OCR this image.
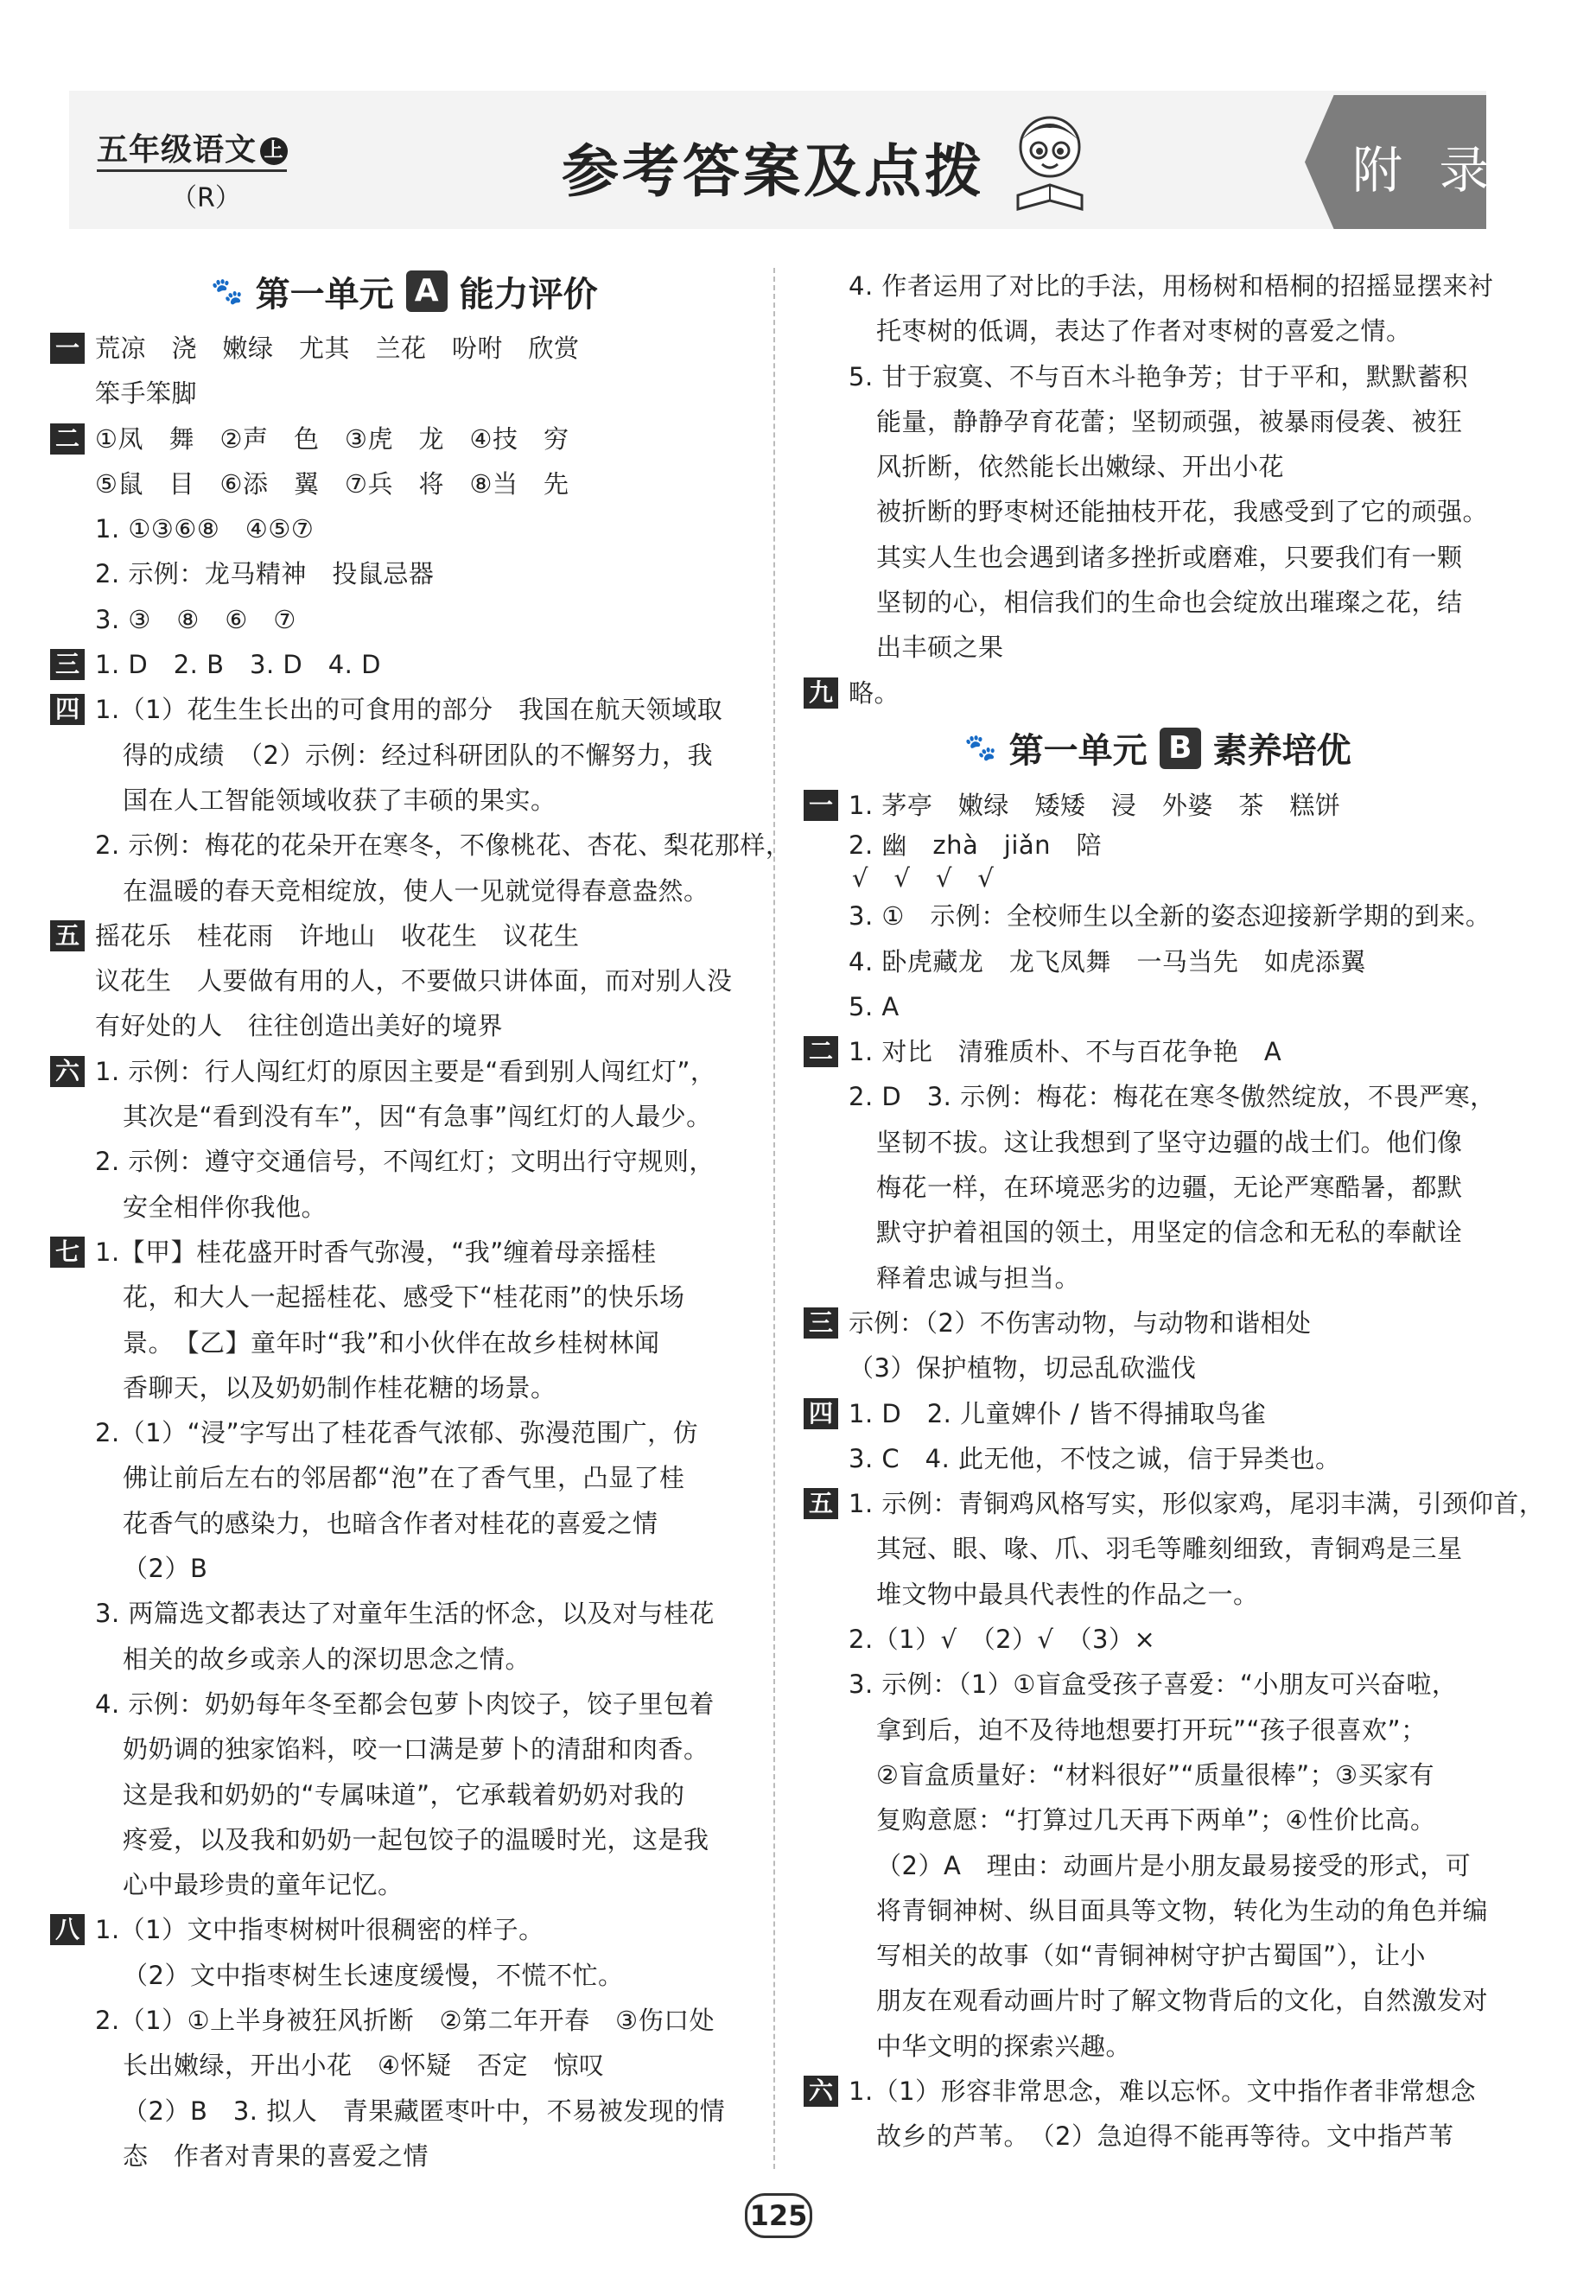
五年级语文 上
（R）	参考答案及点拨	附 录
🐾 第一单元 A 能力评价
一 荒凉　浇　嫩绿　尤其　兰花　吩咐　欣赏
笨手笨脚
二 ①凤　舞　②声　色　③虎　龙　④技　穷
⑤鼠　目　⑥添　翼　⑦兵　将　⑧当　先
1. ①③⑥⑧　④⑤⑦
2. 示例：龙马精神　投鼠忌器
3. ③　⑧　⑥　⑦
三 1. D　2. B　3. D　4. D
四 1.（1）花生生长出的可食用的部分　我国在航天领域取
得的成绩　（2）示例：经过科研团队的不懈努力，我
国在人工智能领域收获了丰硕的果实。
2. 示例：梅花的花朵开在寒冬，不像桃花、杏花、梨花那样，
在温暖的春天竞相绽放，使人一见就觉得春意盎然。
五 摇花乐　桂花雨　许地山　收花生　议花生
议花生　人要做有用的人，不要做只讲体面，而对别人没
有好处的人　往往创造出美好的境界
六 1. 示例：行人闯红灯的原因主要是“看到别人闯红灯”，
其次是“看到没有车”，因“有急事”闯红灯的人最少。
2. 示例：遵守交通信号，不闯红灯；文明出行守规则，
安全相伴你我他。
七 1.【甲】桂花盛开时香气弥漫，“我”缠着母亲摇桂
花，和大人一起摇桂花、感受下“桂花雨”的快乐场
景。　【乙】童年时“我”和小伙伴在故乡桂树林闻
香聊天，以及奶奶制作桂花糖的场景。
2.（1）“浸”字写出了桂花香气浓郁、弥漫范围广，仿
佛让前后左右的邻居都“泡”在了香气里，凸显了桂
花香气的感染力，也暗含作者对桂花的喜爱之情
（2）B
3. 两篇选文都表达了对童年生活的怀念，以及对与桂花
相关的故乡或亲人的深切思念之情。
4. 示例：奶奶每年冬至都会包萝卜肉饺子，饺子里包着
奶奶调的独家馅料，咬一口满是萝卜的清甜和肉香。
这是我和奶奶的“专属味道”，它承载着奶奶对我的
疼爱，以及我和奶奶一起包饺子的温暖时光，这是我
心中最珍贵的童年记忆。
八 1.（1）文中指枣树树叶很稠密的样子。
（2）文中指枣树生长速度缓慢，不慌不忙。
2.（1）①上半身被狂风折断　②第二年开春　③伤口处
长出嫩绿，开出小花　④怀疑　否定　惊叹
（2）B　3. 拟人　青果藏匿枣叶中，不易被发现的情
态　作者对青果的喜爱之情
4. 作者运用了对比的手法，用杨树和梧桐的招摇显摆来衬
托枣树的低调，表达了作者对枣树的喜爱之情。
5. 甘于寂寞、不与百木斗艳争芳；甘于平和，默默蓄积
能量，静静孕育花蕾；坚韧顽强，被暴雨侵袭、被狂
风折断，依然能长出嫩绿、开出小花
被折断的野枣树还能抽枝开花，我感受到了它的顽强。
其实人生也会遇到诸多挫折或磨难，只要我们有一颗
坚韧的心，相信我们的生命也会绽放出璀璨之花，结
出丰硕之果
九 略。
🐾 第一单元 B 素养培优
一 1. 茅亭　嫩绿　矮矮　浸　外婆　茶　糕饼
2. 幽　zhà　jiǎn　陪
√　√　√　√
3. ①　示例：全校师生以全新的姿态迎接新学期的到来。
4. 卧虎藏龙　龙飞凤舞　一马当先　如虎添翼
5. A
二 1. 对比　清雅质朴、不与百花争艳　A
2. D　3. 示例：梅花：梅花在寒冬傲然绽放，不畏严寒，
坚韧不拔。这让我想到了坚守边疆的战士们。他们像
梅花一样，在环境恶劣的边疆，无论严寒酷暑，都默
默守护着祖国的领土，用坚定的信念和无私的奉献诠
释着忠诚与担当。
三 示例：（2）不伤害动物，与动物和谐相处
（3）保护植物，切忌乱砍滥伐
四 1. D　2. 儿童婢仆 / 皆不得捕取鸟雀
3. C　4. 此无他，不忮之诚，信于异类也。
五 1. 示例：青铜鸡风格写实，形似家鸡，尾羽丰满，引颈仰首，
其冠、眼、喙、爪、羽毛等雕刻细致，青铜鸡是三星
堆文物中最具代表性的作品之一。
2.（1）√　（2）√　（3）×
3. 示例：（1）①盲盒受孩子喜爱：“小朋友可兴奋啦，
拿到后，迫不及待地想要打开玩”“孩子很喜欢”；
②盲盒质量好：“材料很好”“质量很棒”；③买家有
复购意愿：“打算过几天再下两单”；④性价比高。
（2）A　理由：动画片是小朋友最易接受的形式，可
将青铜神树、纵目面具等文物，转化为生动的角色并编
写相关的故事（如“青铜神树守护古蜀国”），让小
朋友在观看动画片时了解文物背后的文化，自然激发对
中华文明的探索兴趣。
六 1.（1）形容非常思念，难以忘怀。文中指作者非常想念
故乡的芦苇。　（2）急迫得不能再等待。文中指芦苇
125
